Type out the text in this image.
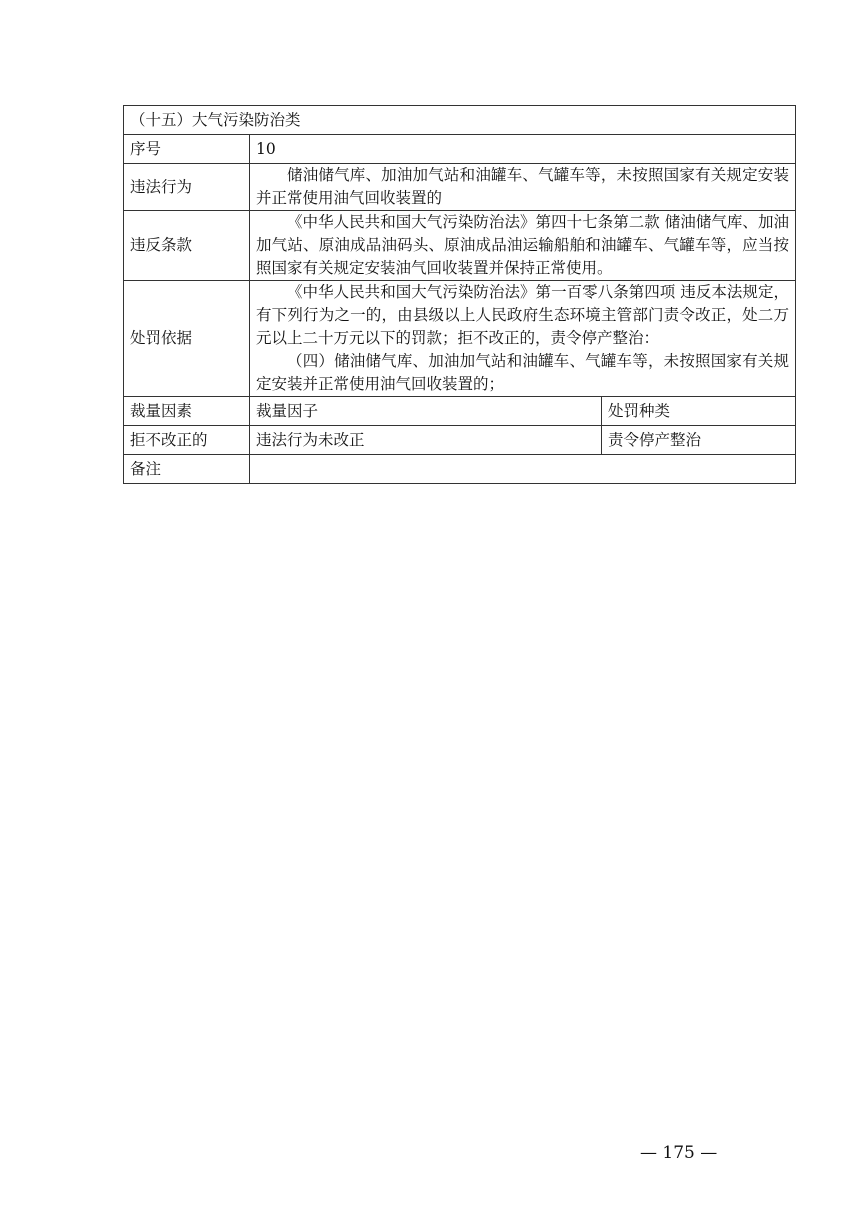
（十五）大气污染防治类		
序号	10	
违法行为	储油储气库、加油加气站和油罐车、气罐车等，未按照国家有关规定安装并正常使用油气回收装置的	

违反条款	《中华人民共和国大气污染防治法》第四十七条第二款 储油储气库、加油加气站、原油成品油码头、原油成品油运输船舶和油罐车、气罐车等，应当按照国家有关规定安装油气回收装置并保持正常使用。	

处罚依据	《中华人民共和国大气污染防治法》第一百零八条第四项 违反本法规定，有下列行为之一的，由县级以上人民政府生态环境主管部门责令改正，处二万元以上二十万元以下的罚款；拒不改正的，责令停产整治：

（四）储油储气库、加油加气站和油罐车、气罐车等，未按照国家有关规定安装并正常使用油气回收装置的；	

裁量因素	裁量因子	处罚种类
拒不改正的	违法行为未改正	责令停产整治
备注		
— 175 —
